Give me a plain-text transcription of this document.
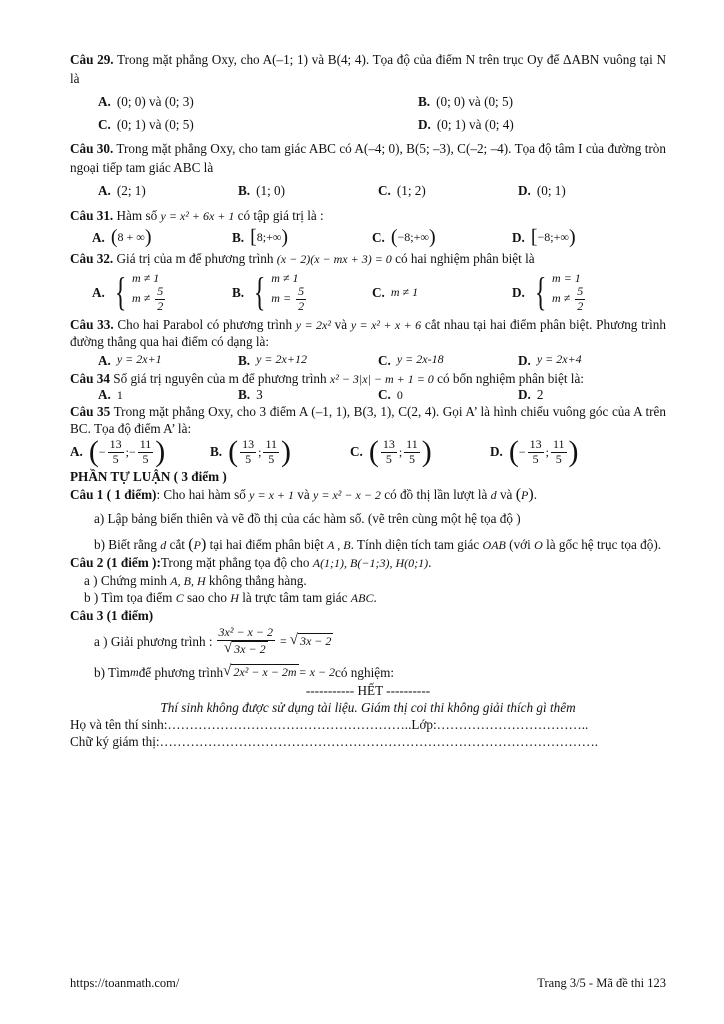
Câu 29. Trong mặt phẳng Oxy, cho A(–1; 1) và B(4; 4). Tọa độ của điểm N trên trục Oy để ΔABN vuông tại N là

A. (0; 0) và (0; 3)	B. (0; 0) và (0; 5)
C. (0; 1) và (0; 5)	D. (0; 1) và (0; 4)

Câu 30. Trong mặt phẳng Oxy, cho tam giác ABC có A(–4; 0), B(5; –3), C(–2; –4). Tọa độ tâm I của đường tròn ngoại tiếp tam giác ABC là

A. (2; 1)	B. (1; 0)	C. (1; 2)	D. (0; 1)

Câu 31. Hàm số y = x² + 6x + 1 có tập giá trị là :

A. ( 8 + ∞ )	B. [ 8;+∞ )	C. ( −8;+∞ )	D. [ −8;+∞ )

Câu 32. Giá trị của m để phương trình (x − 2)(x − mx + 3) = 0 có hai nghiệm phân biệt là

A. { m ≠ 1
$m \ne \frac{5}{2}$	B. { m ≠ 1
$m = \frac{5}{2}$	C. m ≠ 1	D. { m = 1
$m \ne \frac{5}{2}$

Câu 33. Cho hai Parabol có phương trình y = 2x² và y = x² + x + 6 cắt nhau tại hai điểm phân biệt. Phương trình đường thẳng qua hai điểm có dạng là:

A. y = 2x+1	B. y = 2x+12	C. y = 2x-18	D. y = 2x+4

Câu 34 Số giá trị nguyên của m để phương trình x² − 3|x| − m + 1 = 0 có bốn nghiệm phân biệt là:

A. 1	B. 3	C. 0	D. 2

Câu 35 Trong mặt phẳng Oxy, cho 3 điểm A (–1, 1), B(3, 1), C(2, 4). Gọi A’ là hình chiếu vuông góc của A trên BC. Tọa độ điểm A’ là:

A. ( − $\frac{13}{5}$ ; − $\frac{11}{5}$ )	B. ( $\frac{13}{5}$ ; $\frac{11}{5}$ )	C. ( $\frac{13}{5}$ ; $\frac{11}{5}$ )	D. ( − $\frac{13}{5}$ ; $\frac{11}{5}$ )

PHẦN TỰ LUẬN ( 3 điểm )

Câu 1 ( 1 điểm): Cho hai hàm số y = x + 1 và y = x² − x − 2 có đồ thị lần lượt là d và (P).

a) Lập bảng biến thiên và vẽ đồ thị của các hàm số. (vẽ trên cùng một hệ tọa độ )

b) Biết rằng d cắt (P) tại hai điểm phân biệt A , B. Tính diện tích tam giác OAB (với O là gốc hệ trục tọa độ).

Câu 2 (1 điểm ):Trong mặt phẳng tọa độ cho A(1;1), B(−1;3), H(0;1).

a ) Chứng minh A, B, H không thẳng hàng.

b ) Tìm tọa điểm C sao cho H là trực tâm tam giác ABC.

Câu 3 (1 điểm)

a ) Giải phương trình : $\frac{\text{3x² − x − 2}}{√ 3x - 2}$ = √ 3x − 2
b) Tìm m để phương trình √ 2x² − x − 2m = x − 2 có nghiệm:

----------- HẾT ----------

Thí sinh không được sử dụng tài liệu. Giám thị coi thi không giải thích gì thêm

Họ và tên thí sinh:………………………………………………..Lớp:……………………………..

Chữ ký giám thị:……………………………………………………………………………………….

https://toanmath.com/	Trang 3/5 - Mã đề thi 123
